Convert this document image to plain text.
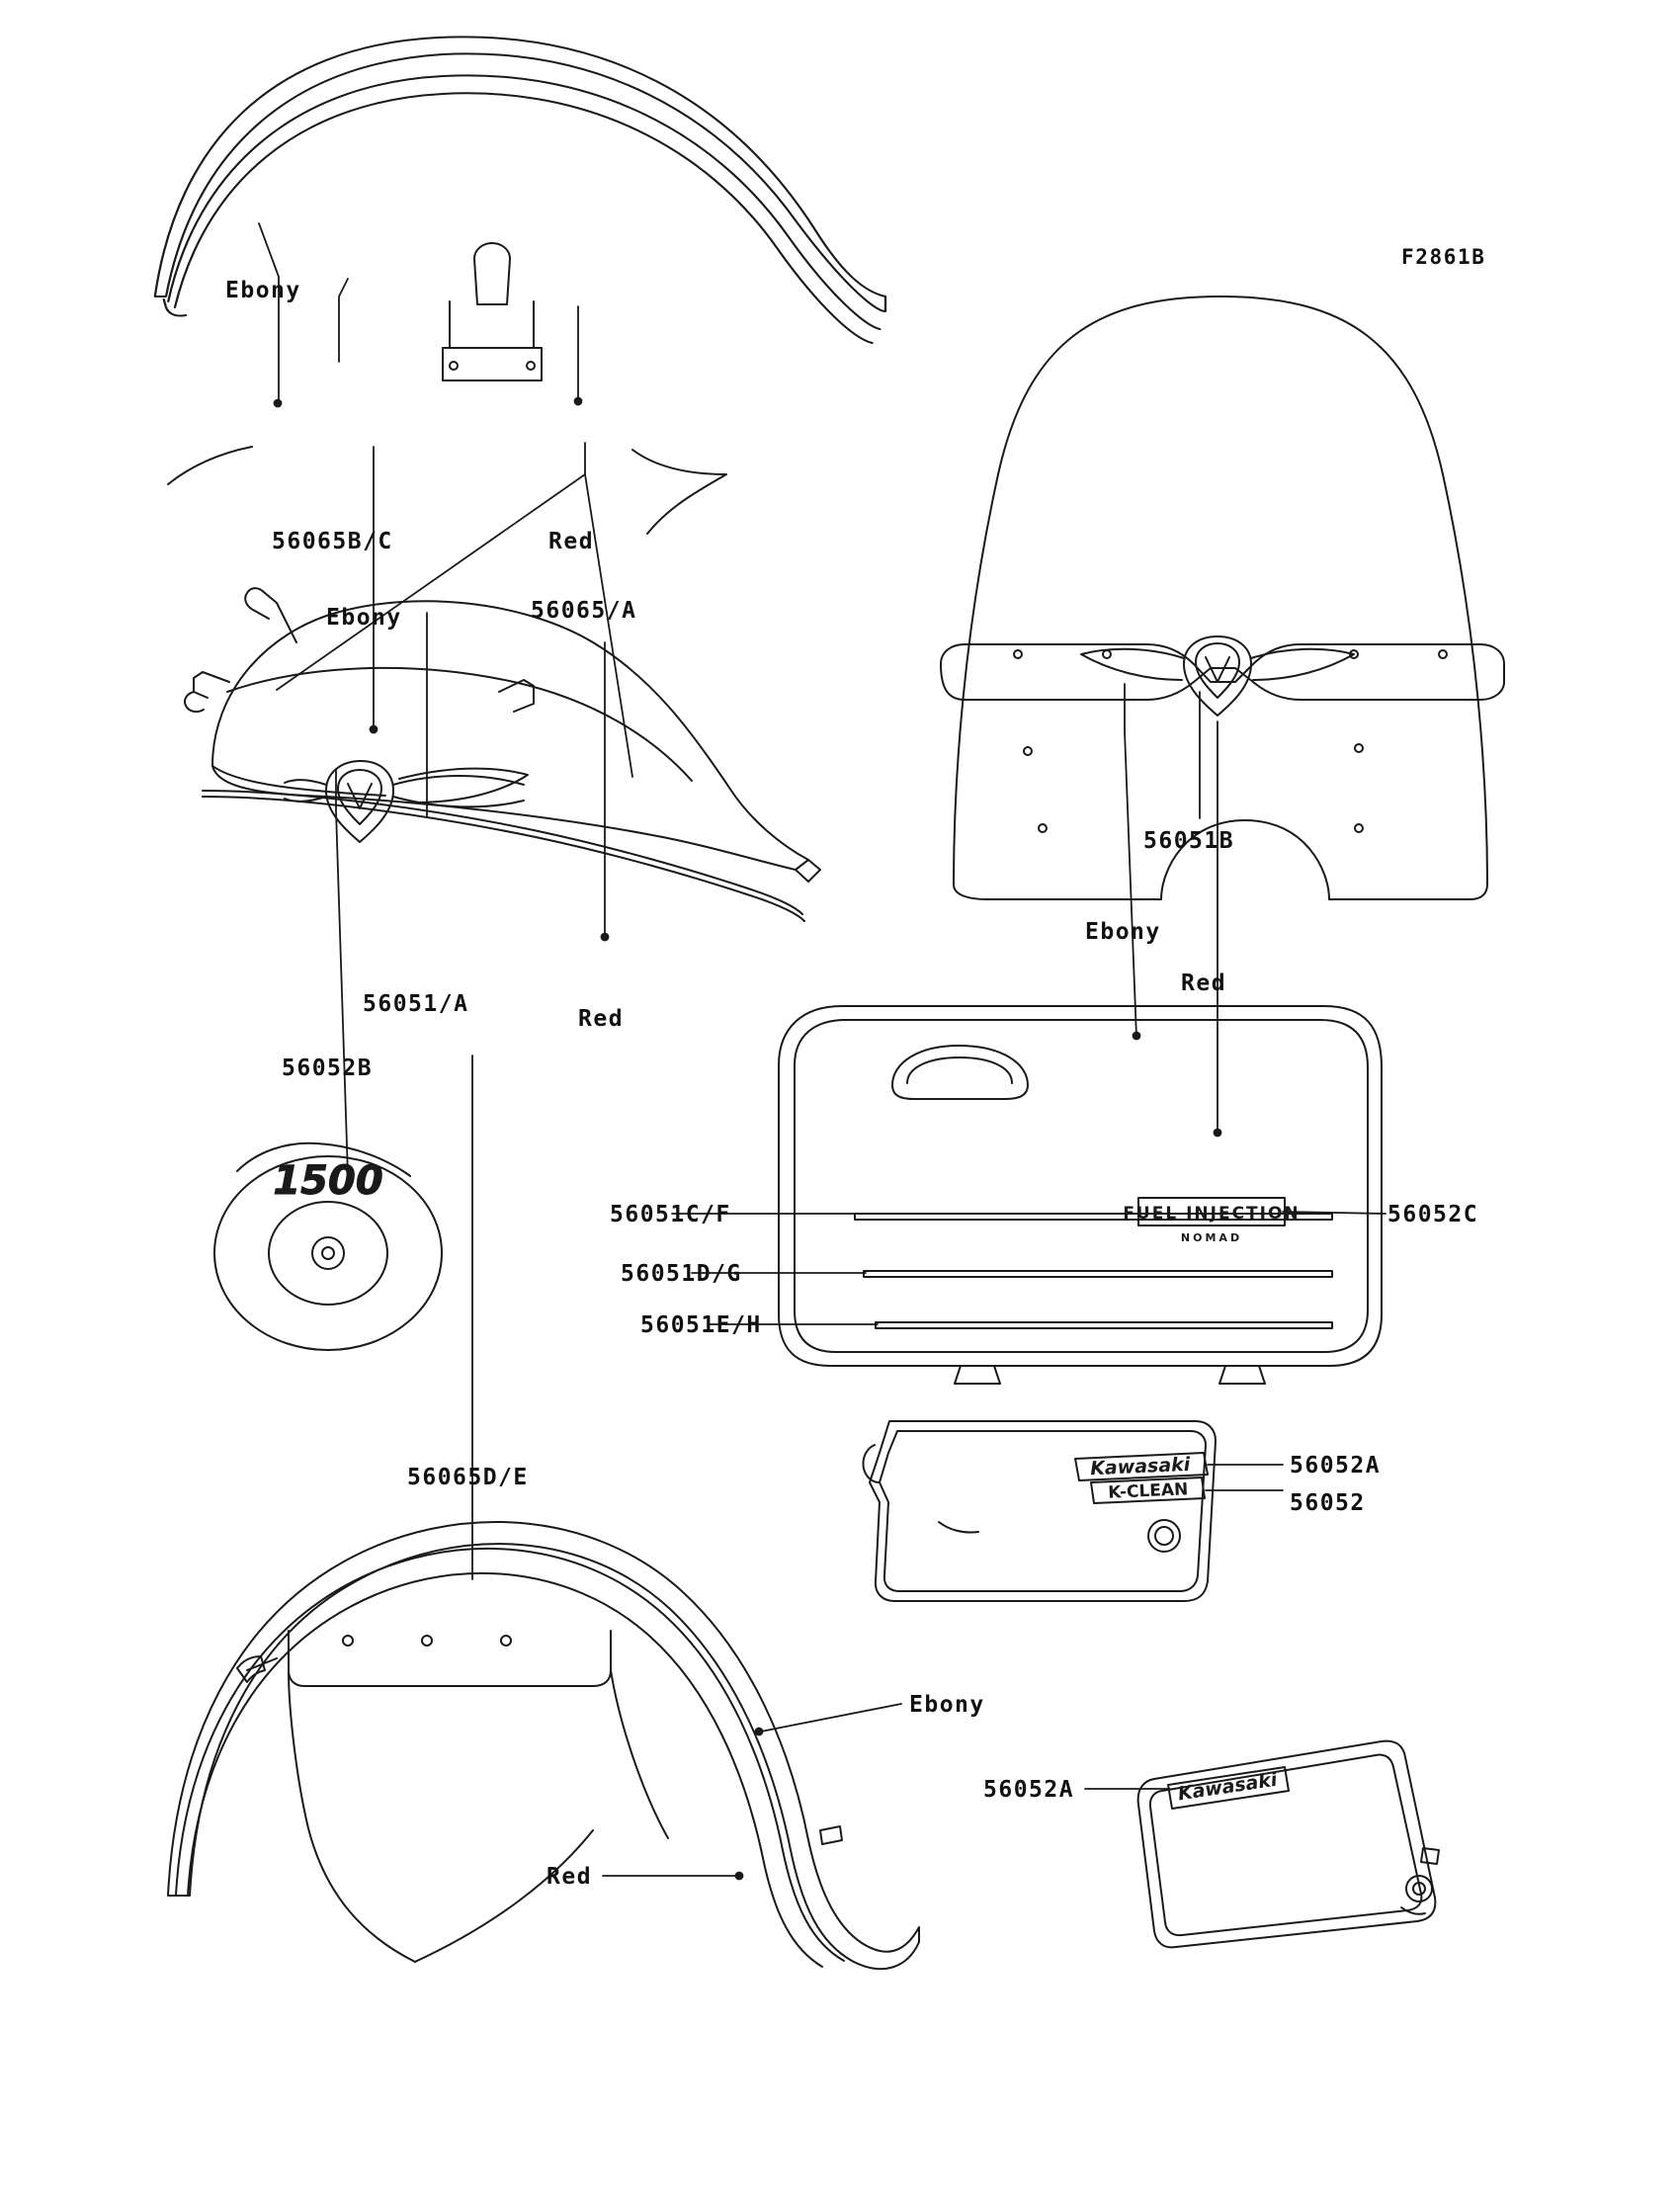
1500
FUEL INJECTION
NOMAD
Kawasaki
K-CLEAN
Kawasaki
F2861B
Ebony
56065B/C	Red
Ebony	56065/A
56051/A
Red
56051B
Ebony
Red
56052B
56051C/F
56051D/G
56051E/H
56052C
56052A
56052
56065D/E
Ebony
Red
56052A
